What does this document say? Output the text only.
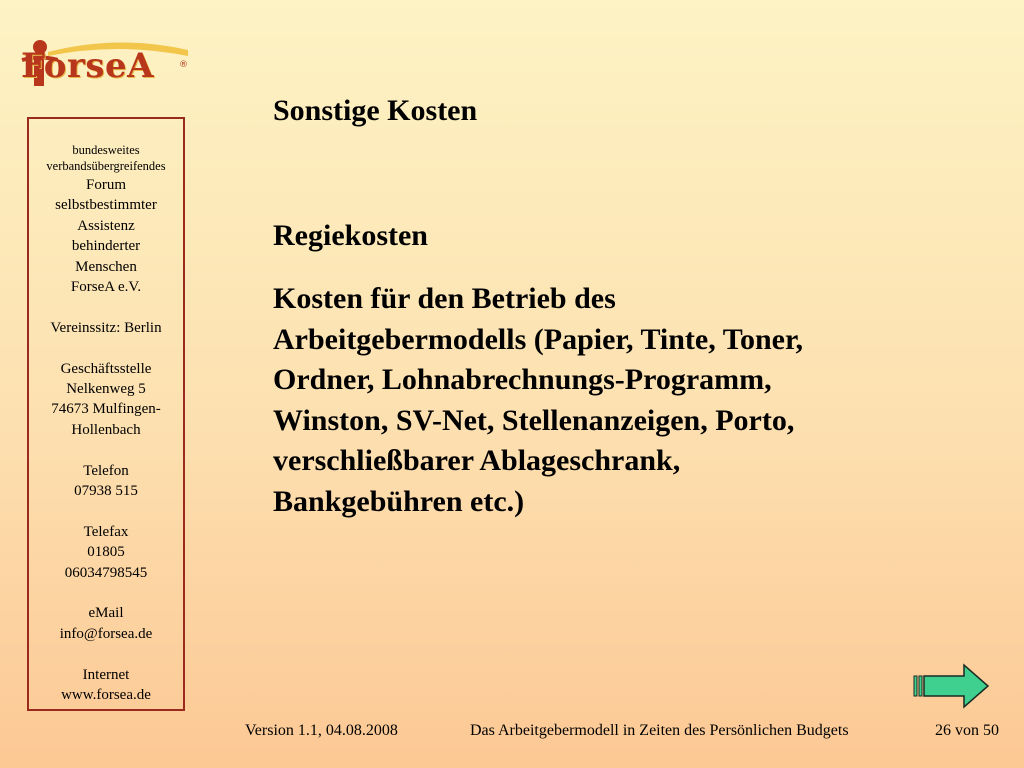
ForseA	®
bundesweites
verbandsübergreifendes
Forum
selbstbestimmter
Assistenz
behinderter
Menschen
ForseA e.V.
Vereinssitz: Berlin
Geschäftsstelle
Nelkenweg 5
74673 Mulfingen-
Hollenbach
Telefon
07938 515
Telefax
01805
06034798545
eMail
info@forsea.de
Internet
www.forsea.de
Sonstige Kosten
Regiekosten
Kosten für den Betrieb des
Arbeitgebermodells (Papier, Tinte, Toner,
Ordner, Lohnabrechnungs-Programm,
Winston, SV-Net, Stellenanzeigen, Porto,
verschließbarer Ablageschrank,
Bankgebühren etc.)
Version 1.1, 04.08.2008	Das Arbeitgebermodell in Zeiten des Persönlichen Budgets	26 von 50
